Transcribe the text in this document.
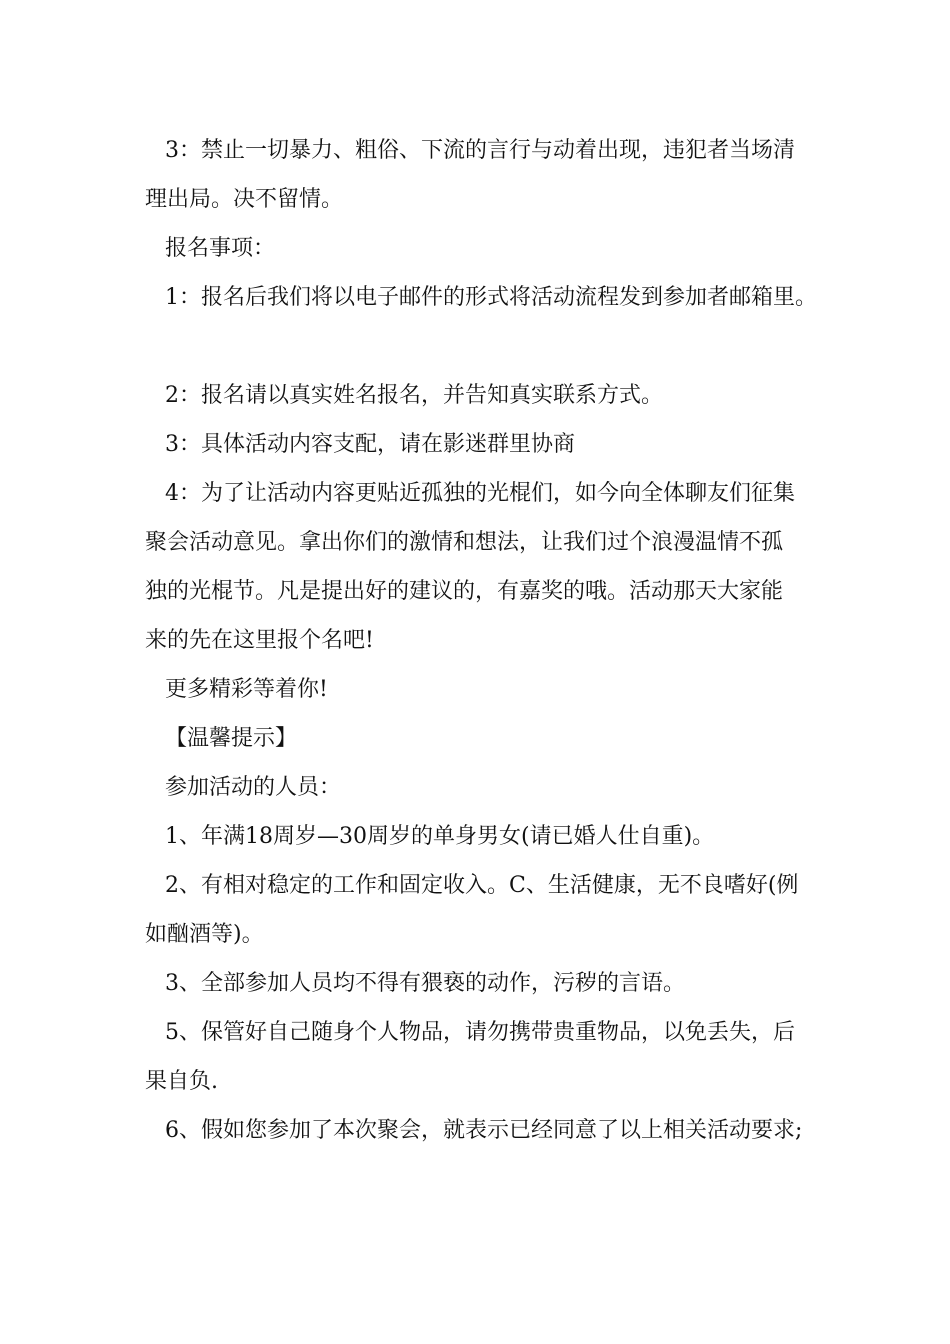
3：禁止一切暴力、粗俗、下流的言行与动着出现，违犯者当场清

理出局。决不留情。

报名事项：

1：报名后我们将以电子邮件的形式将活动流程发到参加者邮箱里。

2：报名请以真实姓名报名，并告知真实联系方式。

3：具体活动内容支配，请在影迷群里协商

4：为了让活动内容更贴近孤独的光棍们，如今向全体聊友们征集

聚会活动意见。拿出你们的激情和想法，让我们过个浪漫温情不孤

独的光棍节。凡是提出好的建议的，有嘉奖的哦。活动那天大家能

来的先在这里报个名吧!

更多精彩等着你!

【温馨提示】

参加活动的人员：

1、年满18周岁—30周岁的单身男女(请已婚人仕自重)。

2、有相对稳定的工作和固定收入。C、生活健康，无不良嗜好(例

如酗酒等)。

3、全部参加人员均不得有猥亵的动作，污秽的言语。

5、保管好自己随身个人物品，请勿携带贵重物品，以免丢失，后

果自负.

6、假如您参加了本次聚会，就表示已经同意了以上相关活动要求;
